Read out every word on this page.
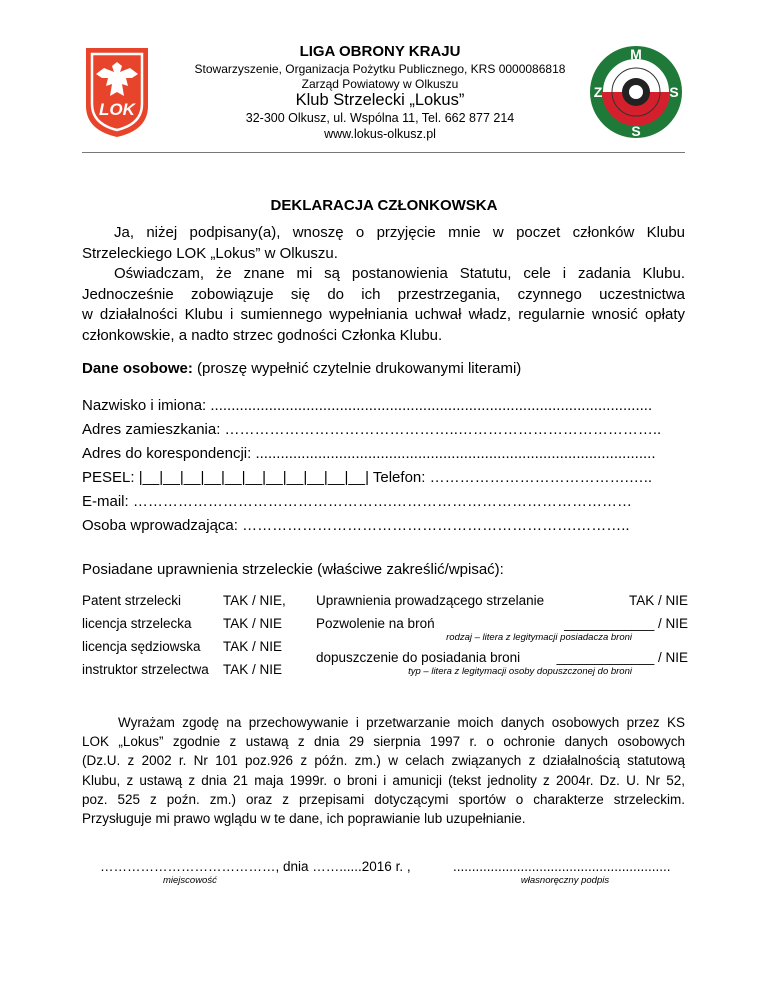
LOK
LIGA OBRONY KRAJU
Stowarzyszenie, Organizacja Pożytku Publicznego, KRS 0000086818
Zarząd Powiatowy w Olkuszu
Klub Strzelecki „Lokus”
32-300 Olkusz, ul. Wspólna 11, Tel. 662 877 214
www.lokus-olkusz.pl
M
Z	S
S
DEKLARACJA CZŁONKOWSKA
Ja, niżej podpisany(a), wnoszę o przyjęcie mnie w poczet członków Klubu
Strzeleckiego LOK „Lokus” w Olkuszu.
Oświadczam, że znane mi są postanowienia Statutu, cele i zadania Klubu.
Jednocześnie zobowiązuje się do ich przestrzegania, czynnego uczestnictwa
w działalności Klubu i sumiennego wypełniania uchwał władz, regularnie wnosić opłaty
członkowskie, a nadto strzec godności Członka Klubu.
Dane osobowe: (proszę wypełnić czytelnie drukowanymi literami)
Nazwisko i imiona: ..........................................................................................................
Adres zamieszkania: ………………………………………..…………………………………..
Adres do korespondencji: ................................................................................................
PESEL: |__|__|__|__|__|__|__|__|__|__|__| Telefon: ………………………………….…..
E-mail: …………………………………………….…………………………………………
Osoba wprowadzająca: ………………………………………………………….………..
Posiadane uprawnienia strzeleckie (właściwe zakreślić/wpisać):
Patent strzelecki	TAK / NIE,
licencja strzelecka TAK / NIE
licencja sędziowska TAK / NIE
instruktor strzelectwa TAK / NIE
Uprawnienia prowadzącego strzelanie	TAK / NIE
Pozwolenie na broń	____________ / NIE
rodzaj – litera z legitymacji posiadacza broni
dopuszczenie do posiadania broni	_____________ / NIE
typ – litera z legitymacji osoby dopuszczonej do broni
Wyrażam zgodę na przechowywanie i przetwarzanie moich danych osobowych przez KS
LOK „Lokus” zgodnie z ustawą z dnia 29 sierpnia 1997 r. o ochronie danych osobowych
(Dz.U. z 2002 r. Nr 101 poz.926 z późn. zm.) w celach związanych z działalnością statutową
Klubu, z ustawą z dnia 21 maja 1999r. o broni i amunicji (tekst jednolity z 2004r. Dz. U. Nr 52,
poz. 525 z poźn. zm.) oraz z przepisami dotyczącymi sportów o charakterze strzeleckim.
Przysługuje mi prawo wglądu w te dane, ich poprawianie lub uzupełnianie.
…………………………………, dnia ……......2016 r. ,	..........................................................
miejscowość	własnoręczny podpis
